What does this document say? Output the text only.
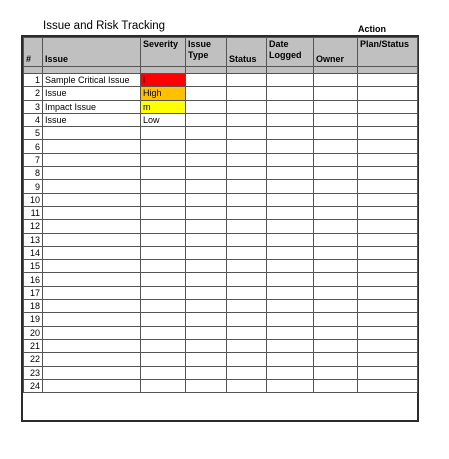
Issue and Risk Tracking	Action
#	Issue	Severity	Issue Type	Status	Date Logged	Owner	Plan/Status

1	Sample Critical Issue	l					
2	Issue	High					
3	Impact Issue	m					
4	Issue	Low					
5							
6							
7							
8							
9							
10							
11							
12							
13							
14							
15							
16							
17							
18							
19							
20							
21							
22							
23							
24							
